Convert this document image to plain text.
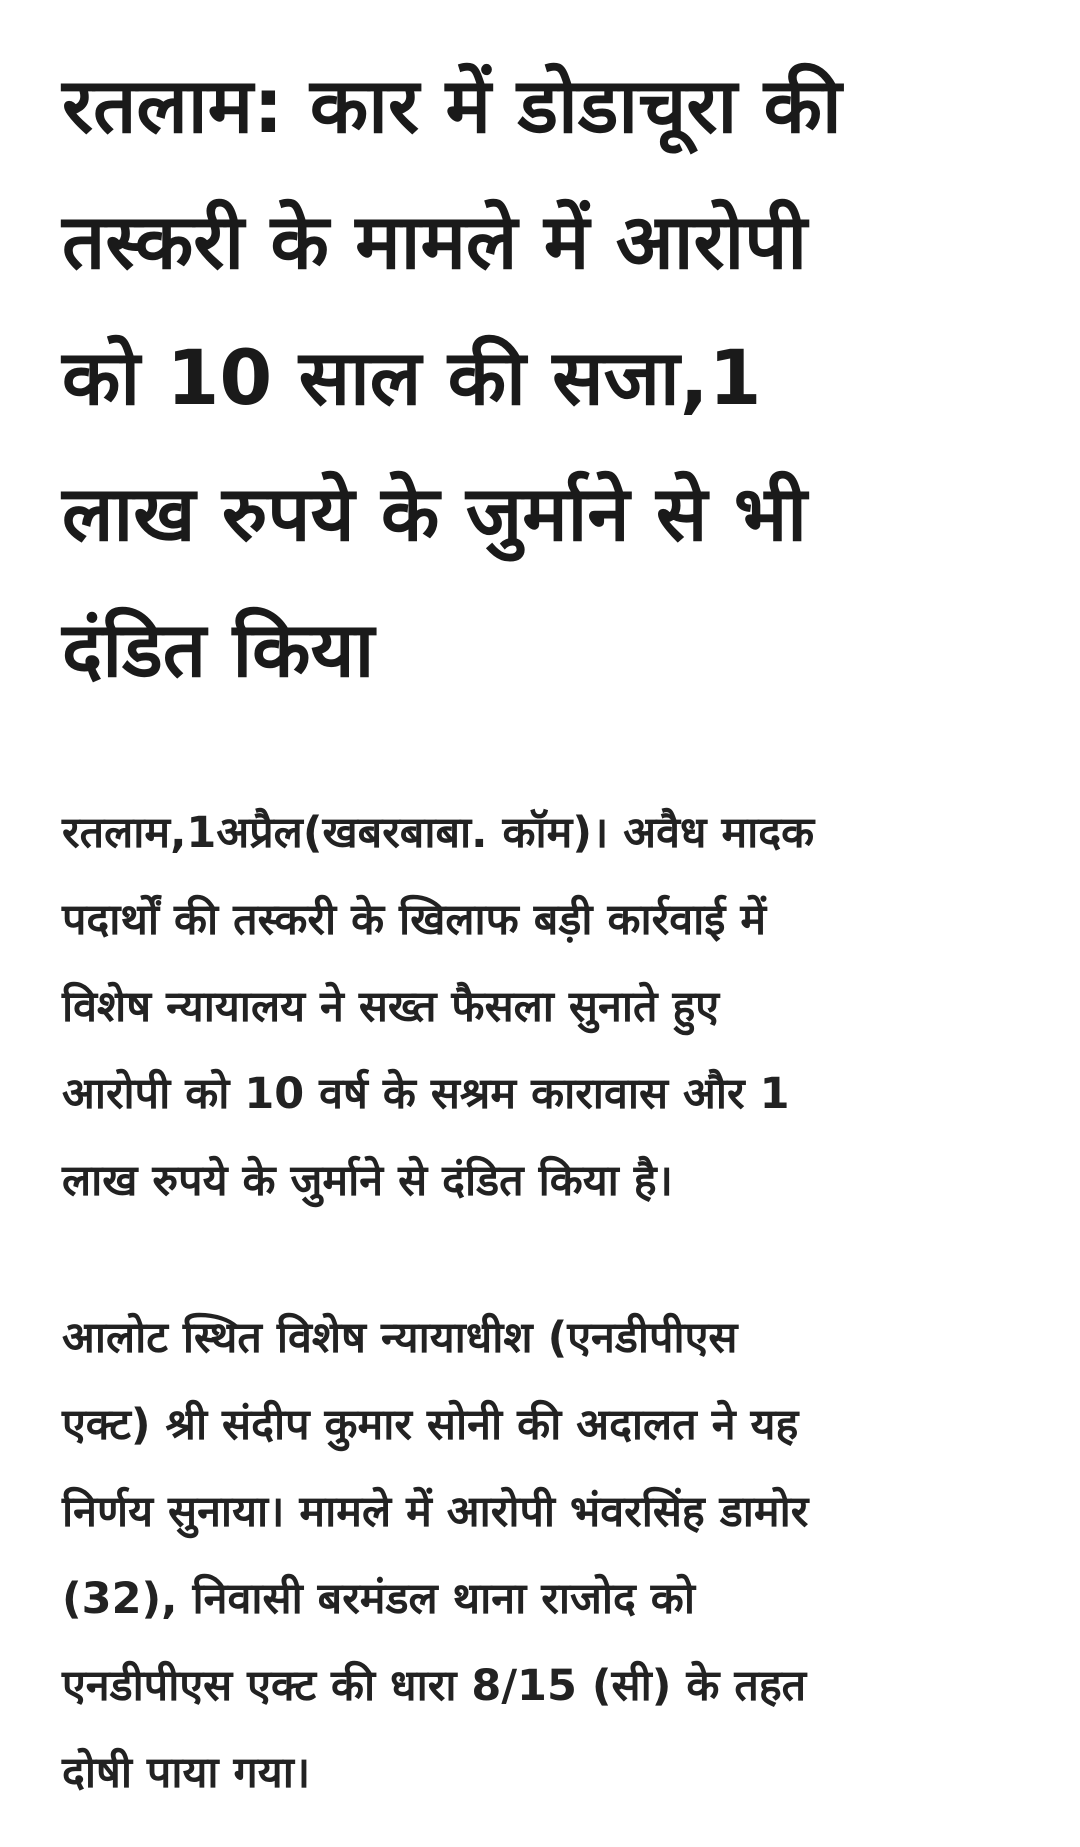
रतलाम: कार में डोडाचूरा की
तस्करी के मामले में आरोपी
को 10 साल की सजा,1
लाख रुपये के जुर्माने से भी
दंडित किया

रतलाम,1अप्रैल(खबरबाबा. कॉम)। अवैध मादक
पदार्थों की तस्करी के खिलाफ बड़ी कार्रवाई में
विशेष न्यायालय ने सख्त फैसला सुनाते हुए
आरोपी को 10 वर्ष के सश्रम कारावास और 1
लाख रुपये के जुर्माने से दंडित किया है।

आलोट स्थित विशेष न्यायाधीश (एनडीपीएस
एक्ट) श्री संदीप कुमार सोनी की अदालत ने यह
निर्णय सुनाया। मामले में आरोपी भंवरसिंह डामोर
(32), निवासी बरमंडल थाना राजोद को
एनडीपीएस एक्ट की धारा 8/15 (सी) के तहत
दोषी पाया गया।
